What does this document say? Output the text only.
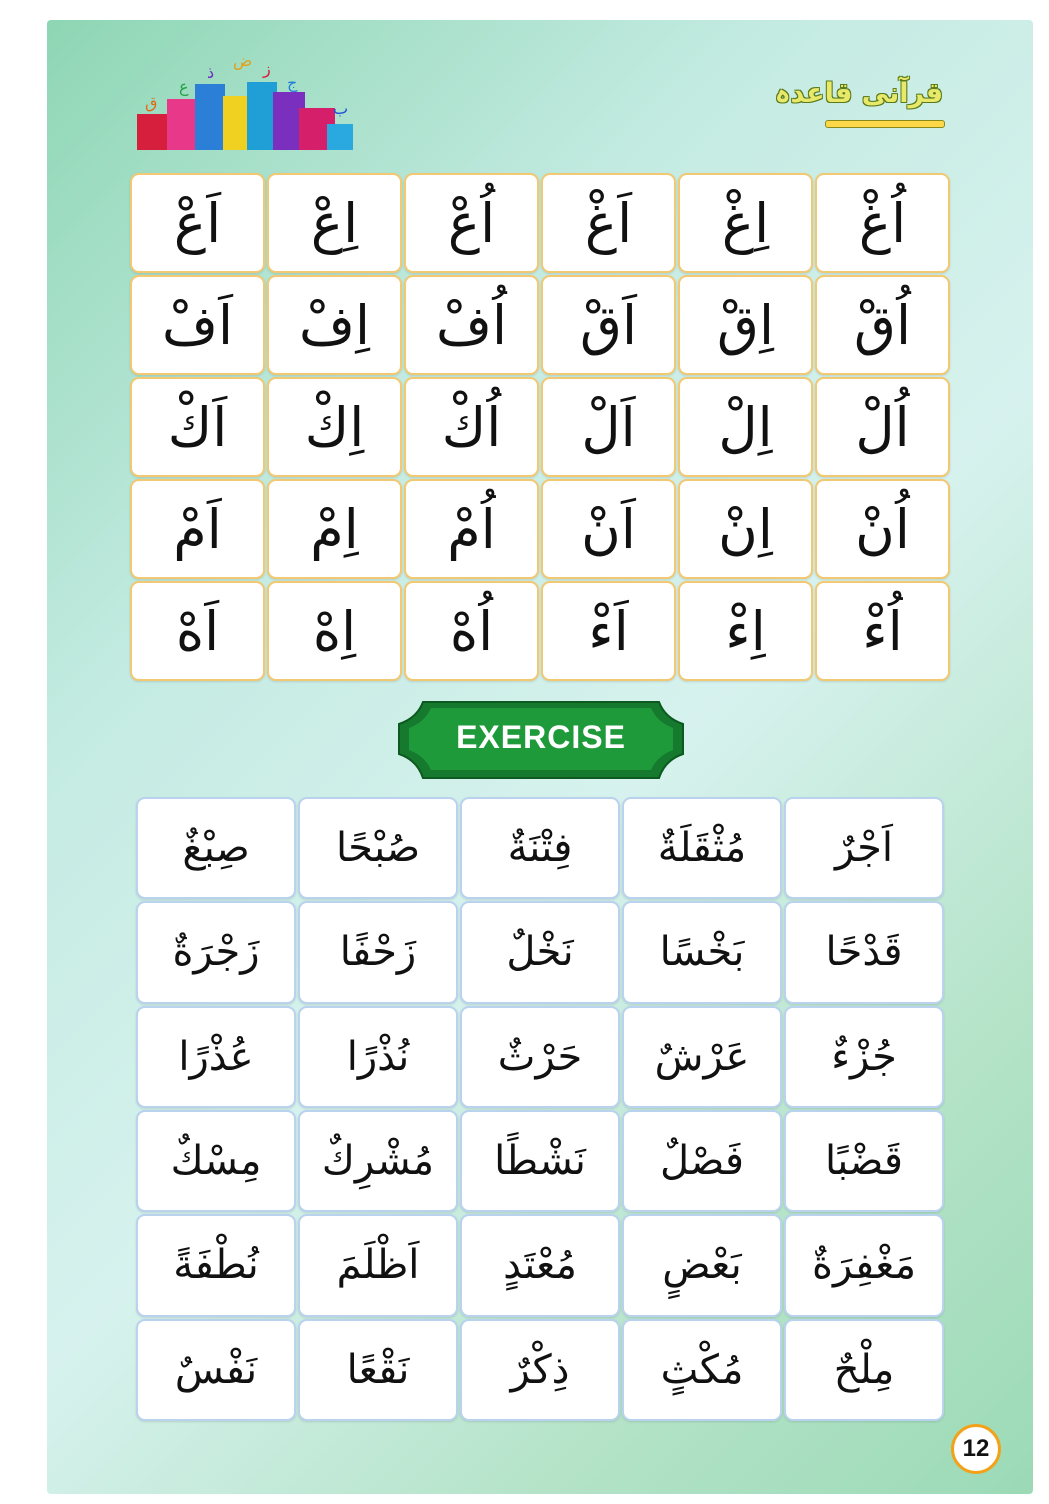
ق
ع
ذ
ض ز
ج
ب	قرآنی قاعدہ
اَعْ	اِعْ	اُعْ	اَغْ	اِغْ	اُغْ
اَفْ	اِفْ	اُفْ	اَقْ	اِقْ	اُقْ
اَكْ	اِكْ	اُكْ	اَلْ	اِلْ	اُلْ
اَمْ	اِمْ	اُمْ	اَنْ	اِنْ	اُنْ
اَهْ	اِهْ	اُهْ	اَءْ	اِءْ	اُءْ
EXERCISE
صِبْغٌ	صُبْحًا	فِتْنَةٌ	مُثْقَلَةٌ	اَجْرٌ
زَجْرَةٌ	زَحْفًا	نَخْلٌ	بَخْسًا	قَدْحًا
عُذْرًا	نُذْرًا	حَرْثٌ	عَرْشٌ	جُزْءٌ
مِسْكٌ	مُشْرِكٌ	نَشْطًا	فَصْلٌ	قَضْبًا
نُطْفَةً	اَظْلَمَ	مُعْتَدٍ	بَعْضٍ	مَغْفِرَةٌ
نَفْسٌ	نَقْعًا	ذِكْرٌ	مُكْثٍ	مِلْحٌ
12
